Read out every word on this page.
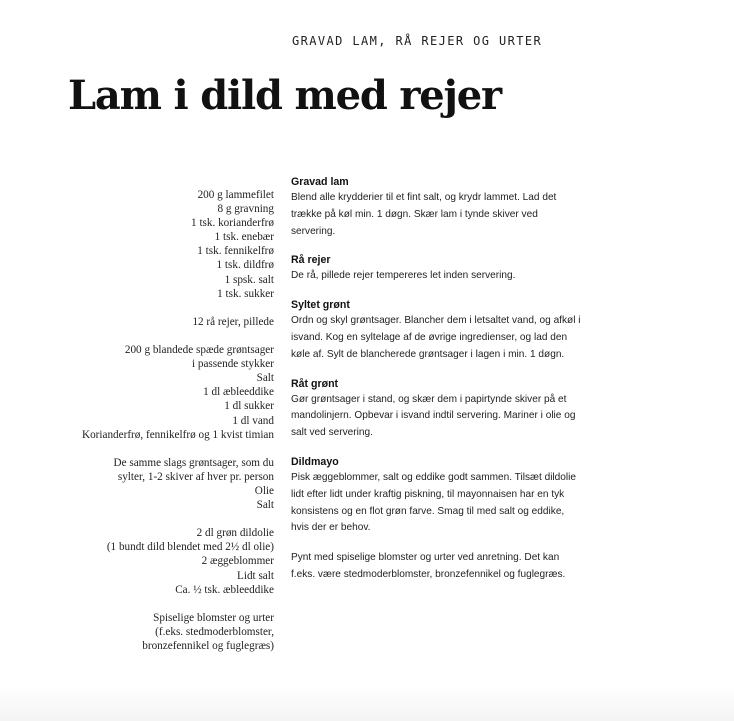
GRAVAD LAM, RÅ REJER OG URTER
Lam i dild med rejer
200 g lammefilet
8 g gravning
1 tsk. korianderfrø
1 tsk. enebær
1 tsk. fennikelfrø
1 tsk. dildfrø
1 spsk. salt
1 tsk. sukker
12 rå rejer, pillede
200 g blandede spæde grøntsager
i passende stykker
Salt
1 dl æbleeddike
1 dl sukker
1 dl vand
Korianderfrø, fennikelfrø og 1 kvist timian
De samme slags grøntsager, som du
sylter, 1-2 skiver af hver pr. person
Olie
Salt
2 dl grøn dildolie
(1 bundt dild blendet med 2½ dl olie)
2 æggeblommer
Lidt salt
Ca. ½ tsk. æbleeddike
Spiselige blomster og urter
(f.eks. stedmoderblomster,
bronzefennikel og fuglegræs)
Gravad lam

Blend alle krydderier til et fint salt, og krydr lammet. Lad det trække på køl min. 1 døgn. Skær lam i tynde skiver ved servering.

Rå rejer

De rå, pillede rejer tempereres let inden servering.

Syltet grønt

Ordn og skyl grøntsager. Blancher dem i letsaltet vand, og afkøl i isvand. Kog en syltelage af de øvrige ingredienser, og lad den køle af. Sylt de blancherede grøntsager i lagen i min. 1 døgn.

Råt grønt

Gør grøntsager i stand, og skær dem i papirtynde skiver på et mandolinjern. Opbevar i isvand indtil servering. Mariner i olie og salt ved servering.

Dildmayo

Pisk æggeblommer, salt og eddike godt sammen. Tilsæt dildolie lidt efter lidt under kraftig piskning, til mayonnaisen har en tyk konsistens og en flot grøn farve. Smag til med salt og eddike, hvis der er behov.

Pynt med spiselige blomster og urter ved anretning. Det kan f.eks. være stedmoderblomster, bronzefennikel og fuglegræs.
